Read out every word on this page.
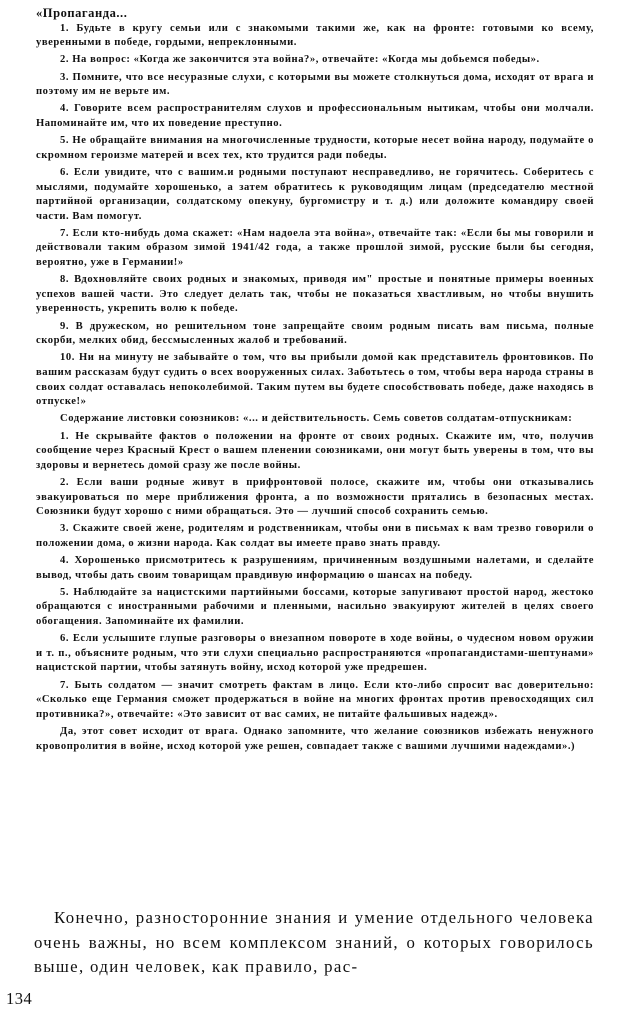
«Пропаганда...

1. Будьте в кругу семьи или с знакомыми такими же, как на фронте: готовыми ко всему, уверенными в победе, гордыми, непреклонными.

2. На вопрос: «Когда же закончится эта война?», отвечайте: «Когда мы добьемся победы».

3. Помните, что все несуразные слухи, с которыми вы можете столкнуться дома, исходят от врага и поэтому им не верьте им.

4. Говорите всем распространителям слухов и профессиональным нытикам, чтобы они молчали. Напоминайте им, что их поведение преступно.

5. Не обращайте внимания на многочисленные трудности, которые несет война народу, подумайте о скромном героизме матерей и всех тех, кто трудится ради победы.

6. Если увидите, что с вашим.и родными поступают несправедливо, не горячитесь. Соберитесь с мыслями, подумайте хорошенько, а затем обратитесь к руководящим лицам (председателю местной партийной организации, солдатскому опекуну, бургомистру и т. д.) или доложите командиру своей части. Вам помогут.

7. Если кто-нибудь дома скажет: «Нам надоела эта война», отвечайте так: «Если бы мы говорили и действовали таким образом зимой 1941/42 года, а также прошлой зимой, русские были бы сегодня, вероятно, уже в Германии!»

8. Вдохновляйте своих родных и знакомых, приводя им" простые и понятные примеры военных успехов вашей части. Это следует делать так, чтобы не показаться хвастливым, но чтобы внушить уверенность, укрепить волю к победе.

9. В дружеском, но решительном тоне запрещайте своим родным писать вам письма, полные скорби, мелких обид, бессмысленных жалоб и требований.

10. Ни на минуту не забывайте о том, что вы прибыли домой как представитель фронтовиков. По вашим рассказам будут судить о всех вооруженных силах. Заботьтесь о том, чтобы вера народа страны в своих солдат оставалась непоколебимой. Таким путем вы будете способствовать победе, даже находясь в отпуске!»

Содержание листовки союзников: «... и действительность. Семь советов солдатам-отпускникам:

1. Не скрывайте фактов о положении на фронте от своих родных. Скажите им, что, получив сообщение через Красный Крест о вашем пленении союзниками, они могут быть уверены в том, что вы здоровы и вернетесь домой сразу же после войны.

2. Если ваши родные живут в прифронтовой полосе, скажите им, чтобы они отказывались эвакуироваться по мере приближения фронта, а по возможности прятались в безопасных местах. Союзники будут хорошо с ними обращаться. Это — лучший способ сохранить семью.

3. Скажите своей жене, родителям и родственникам, чтобы они в письмах к вам трезво говорили о положении дома, о жизни народа. Как солдат вы имеете право знать правду.

4. Хорошенько присмотритесь к разрушениям, причиненным воздушными налетами, и сделайте вывод, чтобы дать своим товарищам правдивую информацию о шансах на победу.

5. Наблюдайте за нацистскими партийными боссами, которые запугивают простой народ, жестоко обращаются с иностранными рабочими и пленными, насильно эвакуируют жителей в целях своего обогащения. Запоминайте их фамилии.

6. Если услышите глупые разговоры о внезапном повороте в ходе войны, о чудесном новом оружии и т. п., объясните родным, что эти слухи специально распространяются «пропагандистами-шептунами» нацистской партии, чтобы затянуть войну, исход которой уже предрешен.

7. Быть солдатом — значит смотреть фактам в лицо. Если кто-либо спросит вас доверительно: «Сколько еще Германия сможет продержаться в войне на многих фронтах против превосходящих сил противника?», отвечайте: «Это зависит от вас самих, не питайте фальшивых надежд».

Да, этот совет исходит от врага. Однако запомните, что желание союзников избежать ненужного кровопролития в войне, исход которой уже решен, совпадает также с вашими лучшими надеждами».)

Конечно, разносторонние знания и умение отдельного человека очень важны, но всем комплексом знаний, о которых говорилось выше, один человек, как правило, рас-

134
